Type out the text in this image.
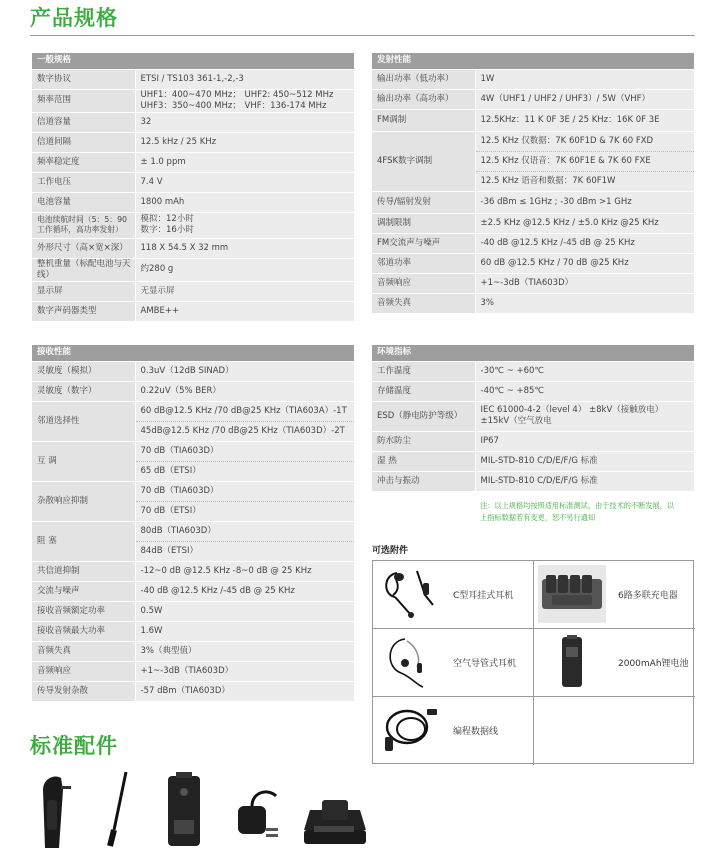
产品规格
一般规格	
数字协议	ETSI / TS103 361-1,-2,-3
频率范围	UHF1：400~470 MHz； UHF2: 450~512 MHz
UHF3：350~400 MHz； VHF：136-174 MHz

信道容量	32
信道间隔	12.5 kHz / 25 KHz
频率稳定度	± 1.0 ppm
工作电压	7.4 V
电池容量	1800 mAh
电池续航时间（5：5：90 工作循环，高功率发射）	模拟：12小时
数字：16小时

外形尺寸（高×宽×深）	118 X 54.5 X 32 mm
整机重量（标配电池与天线）	约280 g
显示屏	无显示屏
数字声码器类型	AMBE++
接收性能	
灵敏度（模拟）	0.3uV（12dB SINAD）
灵敏度（数字）	0.22uV（5% BER）
邻道选择性	60 dB@12.5 KHz /70 dB@25 KHz（TIA603A）-1T
	45dB@12.5 KHz /70 dB@25 KHz（TIA603D）-2T
互 调	70 dB（TIA603D）
	65 dB（ETSI）
杂散响应抑制	70 dB（TIA603D）
	70 dB（ETSI）
阻 塞	80dB（TIA603D）
	84dB（ETSI）
共信道抑制	-12~0 dB @12.5 KHz -8~0 dB @ 25 KHz
交流与噪声	-40 dB @12.5 KHz /-45 dB @ 25 KHz
接收音频额定功率	0.5W
接收音频最大功率	1.6W
音频失真	3%（典型值）
音频响应	+1~-3dB（TIA603D）
传导发射杂散	-57 dBm（TIA603D）
发射性能	
输出功率（低功率）	1W
输出功率（高功率）	4W（UHF1 / UHF2 / UHF3）/ 5W（VHF）
FM调制	12.5KHz：11 K 0F 3E / 25 KHz：16K 0F 3E
4FSK数字调制	12.5 KHz 仅数据：7K 60F1D & 7K 60 FXD
	12.5 KHz 仅语音：7K 60F1E & 7K 60 FXE
	12.5 KHz 语音和数据：7K 60F1W
传导/辐射发射	-36 dBm ≤ 1GHz ; -30 dBm >1 GHz
调制限制	±2.5 KHz @12.5 KHz / ±5.0 KHz @25 KHz
FM交流声与噪声	-40 dB @12.5 KHz /-45 dB @ 25 KHz
邻道功率	60 dB @12.5 KHz / 70 dB @25 KHz
音频响应	+1~-3dB（TIA603D）
音频失真	3%
环境指标	
工作温度	-30℃ ~ +60℃
存储温度	-40℃ ~ +85℃
ESD（静电防护等级）	IEC 61000-4-2（level 4） ±8kV（接触放电）
±15kV（空气放电

防水防尘	IP67
湿 热	MIL-STD-810 C/D/E/F/G 标准
冲击与振动	MIL-STD-810 C/D/E/F/G 标准
注：以上规格均按照适用标准测试，由于技术的不断发展，以
上指标数据若有变更，恕不另行通知
可选附件
C型耳挂式耳机	6路多联充电器
空气导管式耳机	2000mAh锂电池
编程数据线
标准配件
